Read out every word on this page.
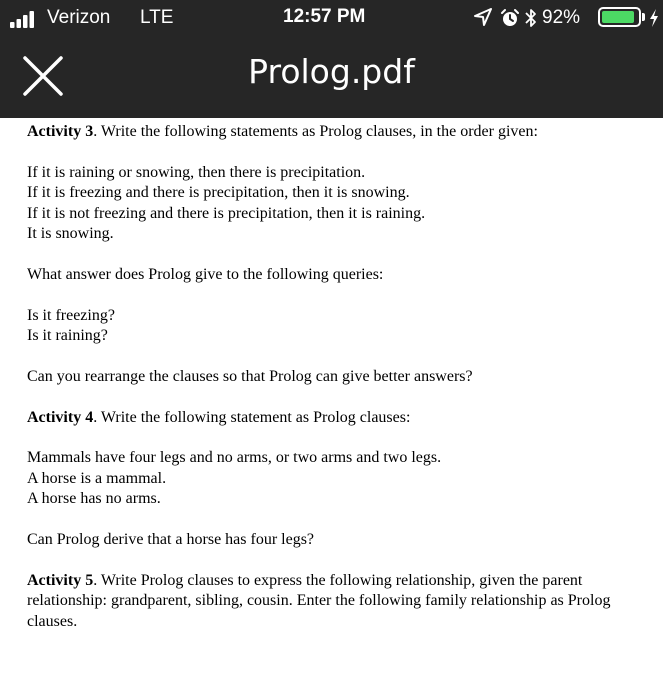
Verizon LTE	12:57 PM	92%
Prolog.pdf

Activity 3. Write the following statements as Prolog clauses, in the order given:

If it is raining or snowing, then there is precipitation.
If it is freezing and there is precipitation, then it is snowing.
If it is not freezing and there is precipitation, then it is raining.
It is snowing.

What answer does Prolog give to the following queries:

Is it freezing?
Is it raining?

Can you rearrange the clauses so that Prolog can give better answers?

Activity 4. Write the following statement as Prolog clauses:

Mammals have four legs and no arms, or two arms and two legs.
A horse is a mammal.
A horse has no arms.

Can Prolog derive that a horse has four legs?

Activity 5. Write Prolog clauses to express the following relationship, given the parent relationship: grandparent, sibling, cousin. Enter the following family relationship as Prolog clauses.
